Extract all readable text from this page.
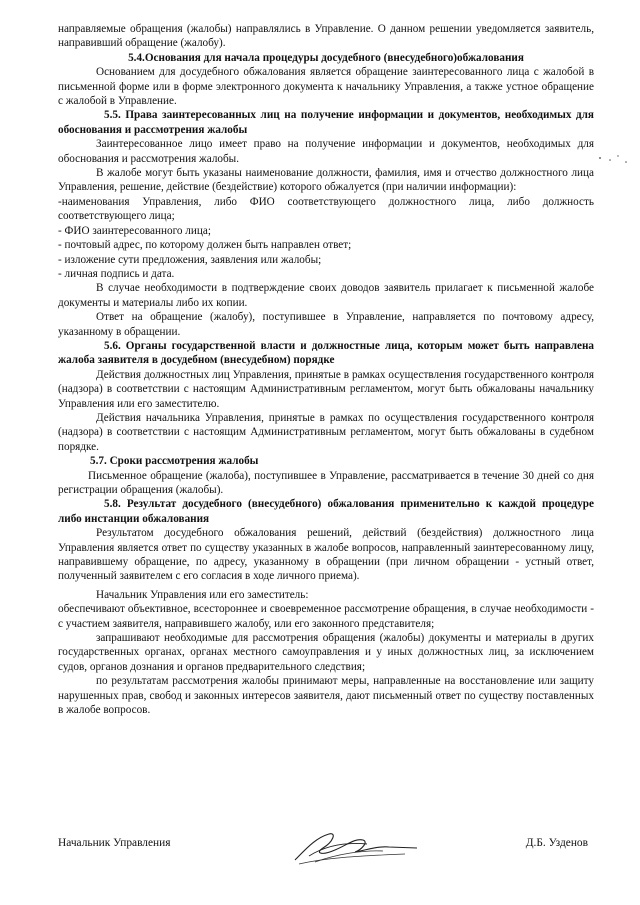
направляемые обращения (жалобы) направлялись в Управление. О данном решении уведомляется заявитель, направивший обращение (жалобу).

5.4.Основания для начала процедуры досудебного (внесудебного)обжалования

Основанием для досудебного обжалования является обращение заинтересованного лица с жалобой в письменной форме или в форме электронного документа к начальнику Управления, а также устное обращение с жалобой в Управление.

5.5. Права заинтересованных лиц на получение информации и документов, необходимых для обоснования и рассмотрения жалобы

Заинтересованное лицо имеет право на получение информации и документов, необходимых для обоснования и рассмотрения жалобы.

В жалобе могут быть указаны наименование должности, фамилия, имя и отчество должностного лица Управления, решение, действие (бездействие) которого обжалуется (при наличии информации):

-наименования Управления, либо ФИО соответствующего должностного лица, либо должность соответствующего лица;

- ФИО заинтересованного лица;

- почтовый адрес, по которому должен быть направлен ответ;

- изложение сути предложения, заявления или жалобы;

- личная подпись и дата.

В случае необходимости в подтверждение своих доводов заявитель прилагает к письменной жалобе документы и материалы либо их копии.

Ответ на обращение (жалобу), поступившее в Управление, направляется по почтовому адресу, указанному в обращении.

5.6. Органы государственной власти и должностные лица, которым может быть направлена жалоба заявителя в досудебном (внесудебном) порядке

Действия должностных лиц Управления, принятые в рамках осуществления государственного контроля (надзора) в соответствии с настоящим Административным регламентом, могут быть обжалованы начальнику Управления или его заместителю.

Действия начальника Управления, принятые в рамках по осуществления государственного контроля (надзора) в соответствии с настоящим Административным регламентом, могут быть обжалованы в судебном порядке.

5.7. Сроки рассмотрения жалобы

Письменное обращение (жалоба), поступившее в Управление, рассматривается в течение 30 дней со дня регистрации обращения (жалобы).

5.8. Результат досудебного (внесудебного) обжалования применительно к каждой процедуре либо инстанции обжалования

Результатом досудебного обжалования решений, действий (бездействия) должностного лица Управления является ответ по существу указанных в жалобе вопросов, направленный заинтересованному лицу, направившему обращение, по адресу, указанному в обращении (при личном обращении - устный ответ, полученный заявителем с его согласия в ходе личного приема).

Начальник Управления или его заместитель:

обеспечивают объективное, всестороннее и своевременное рассмотрение обращения, в случае необходимости - с участием заявителя, направившего жалобу, или его законного представителя;

запрашивают необходимые для рассмотрения обращения (жалобы) документы и материалы в других государственных органах, органах местного самоуправления и у иных должностных лиц, за исключением судов, органов дознания и органов предварительного следствия;

по результатам рассмотрения жалобы принимают меры, направленные на восстановление или защиту нарушенных прав, свобод и законных интересов заявителя, дают письменный ответ по существу поставленных в жалобе вопросов.

Начальник Управления	Д.Б. Узденов
